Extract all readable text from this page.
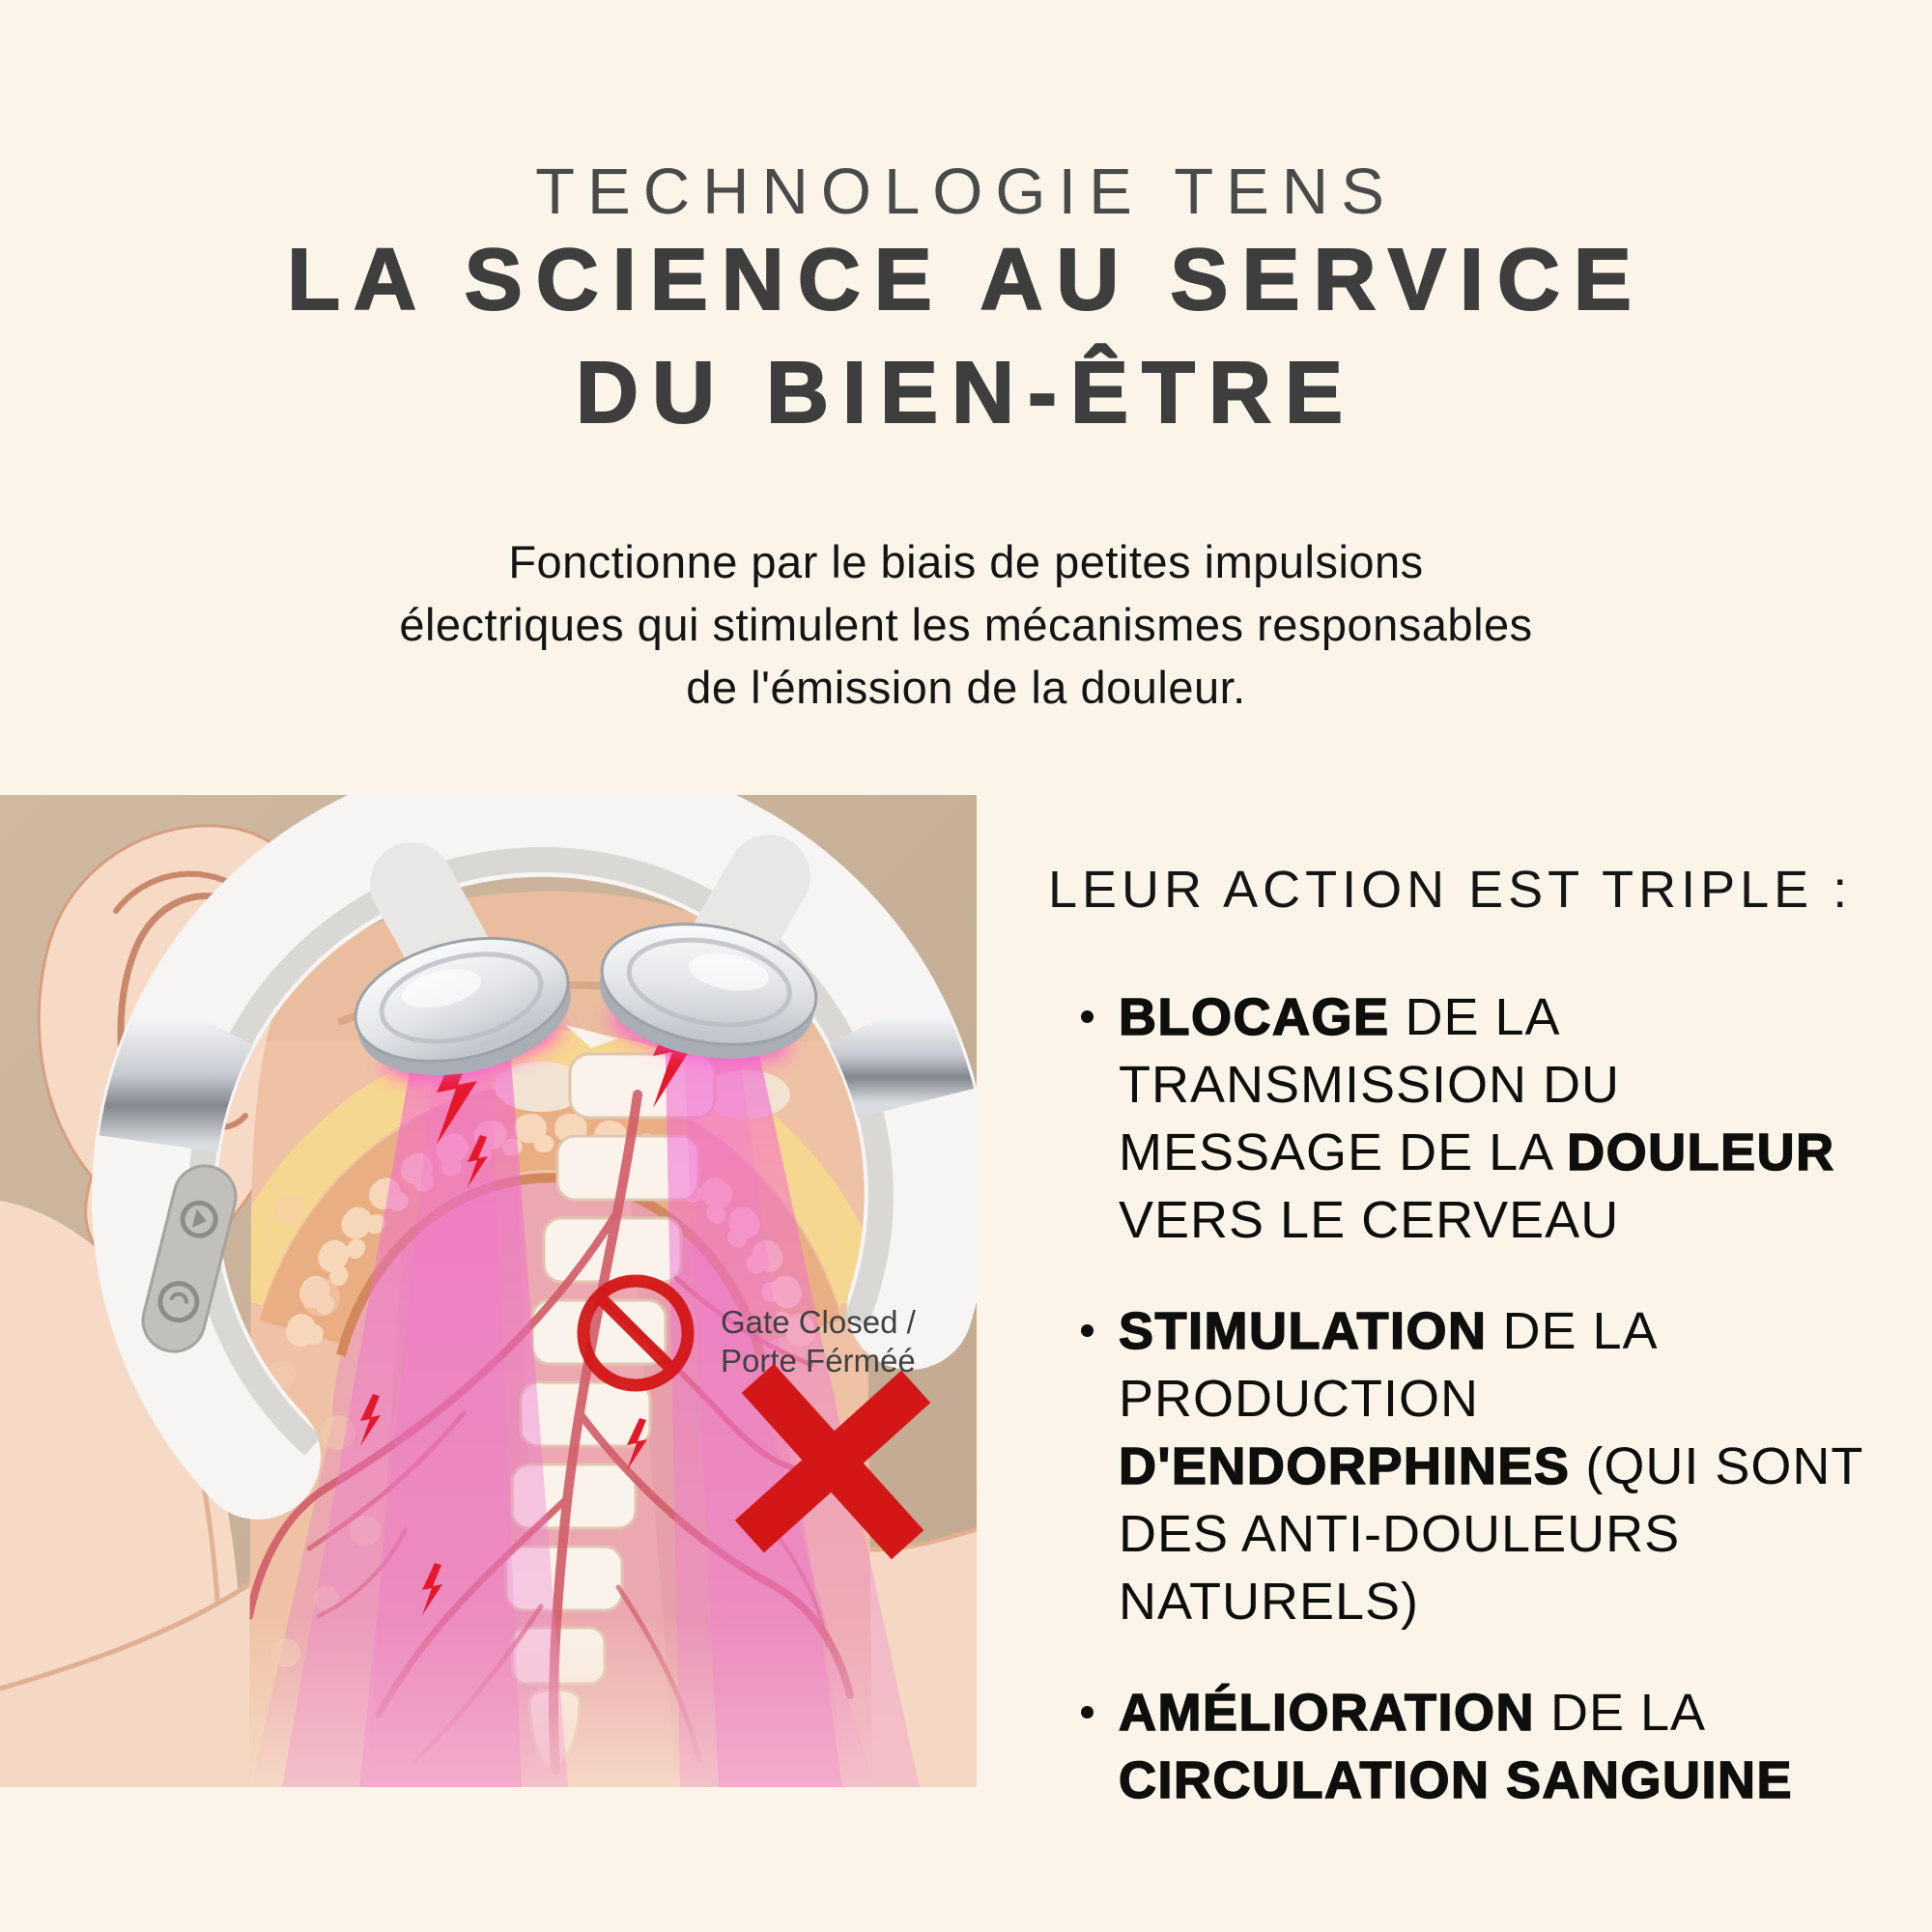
TECHNOLOGIE TENS
LA SCIENCE AU SERVICE
DU BIEN-ÊTRE

Fonctionne par le biais de petites impulsions
électriques qui stimulent les mécanismes responsables
de l'émission de la douleur.

Gate Closed /
Porte Férméé
LEUR ACTION EST TRIPLE :
BLOCAGE DE LA
TRANSMISSION DU
MESSAGE DE LA DOULEUR
VERS LE CERVEAU
STIMULATION DE LA
PRODUCTION
D'ENDORPHINES (QUI SONT
DES ANTI-DOULEURS
NATURELS)
AMÉLIORATION DE LA
CIRCULATION SANGUINE
